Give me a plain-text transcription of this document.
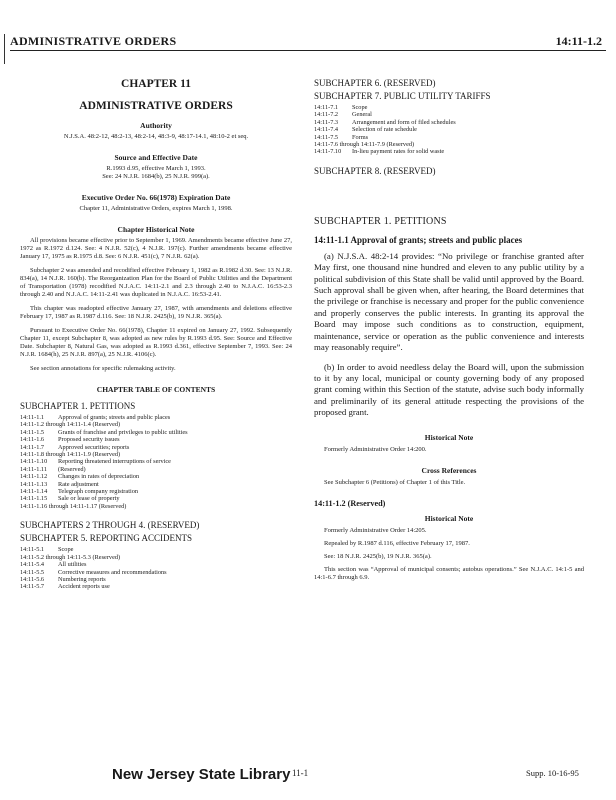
ADMINISTRATIVE ORDERS	14:11-1.2
CHAPTER 11
ADMINISTRATIVE ORDERS
Authority
N.J.S.A. 48:2-12, 48:2-13, 48:2-14, 48:3-9, 48:17-14.1, 48:10-2 et seq.
Source and Effective Date
R.1993 d.95, effective March 1, 1993.
See: 24 N.J.R. 1684(b), 25 N.J.R. 999(a).
Executive Order No. 66(1978) Expiration Date
Chapter 11, Administrative Orders, expires March 1, 1998.
Chapter Historical Note
All provisions became effective prior to September 1, 1969. Amendments became effective June 27, 1972 as R.1972 d.124. See: 4 N.J.R. 52(c), 4 N.J.R. 197(c). Further amendments became effective January 17, 1975 as R.1975 d.8. See: 6 N.J.R. 451(c), 7 N.J.R. 62(a).
Subchapter 2 was amended and recodified effective February 1, 1982 as R.1982 d.30. See: 13 N.J.R. 834(a), 14 N.J.R. 160(b). The Reorganization Plan for the Board of Public Utilities and the Department of Transportation (1978) recodified N.J.A.C. 14:11-2.1 and 2.3 through 2.40 to N.J.A.C. 16:53-2.3 through 2.40 and N.J.A.C. 14:11-2.41 was duplicated in N.J.A.C. 16:53-2.41.
This chapter was readopted effective January 27, 1987, with amendments and deletions effective February 17, 1987 as R.1987 d.116. See: 18 N.J.R. 2425(b), 19 N.J.R. 365(a).
Pursuant to Executive Order No. 66(1978), Chapter 11 expired on January 27, 1992. Subsequently Chapter 11, except Subchapter 8, was adopted as new rules by R.1993 d.95. See: Source and Effective Date. Subchapter 8, Natural Gas, was adopted as R.1993 d.361, effective September 7, 1993. See: 24 N.J.R. 1684(h), 25 N.J.R. 897(a), 25 N.J.R. 4106(c).
See section annotations for specific rulemaking activity.
CHAPTER TABLE OF CONTENTS
SUBCHAPTER 1. PETITIONS
14:11-1.1	Approval of grants; streets and public places
14:11-1.2 through 14:11-1.4
(Reserved)
14:11-1.5	Grants of franchise and privileges to public utilities
14:11-1.6	Proposed security issues
14:11-1.7	Approved securities; reports
14:11-1.8 through 14:11-1.9
(Reserved)
14:11-1.10	Reporting threatened interruptions of service
14:11-1.11	(Reserved)
14:11-1.12	Changes in rates of depreciation
14:11-1.13	Rate adjustment
14:11-1.14	Telegraph company registration
14:11-1.15	Sale or lease of property
14:11-1.16 through 14:11-1.17
(Reserved)
SUBCHAPTERS 2 THROUGH 4. (RESERVED)
SUBCHAPTER 5. REPORTING ACCIDENTS
14:11-5.1	Scope
14:11-5.2 through 14:11-5.3
(Reserved)
14:11-5.4	All utilities
14:11-5.5	Corrective measures and recommendations
14:11-5.6	Numbering reports
14:11-5.7	Accident reports use
SUBCHAPTER 6. (RESERVED)
SUBCHAPTER 7. PUBLIC UTILITY TARIFFS
14:11-7.1	Scope
14:11-7.2	General
14:11-7.3	Arrangement and form of filed schedules
14:11-7.4	Selection of rate schedule
14:11-7.5	Forms
14:11-7.6 through 14:11-7.9
(Reserved)
14:11-7.10	In-lieu payment rates for solid waste
SUBCHAPTER 8. (RESERVED)
SUBCHAPTER 1. PETITIONS
14:11-1.1 Approval of grants; streets and public places
(a) N.J.S.A. 48:2-14 provides: “No privilege or franchise granted after May first, one thousand nine hundred and eleven to any public utility by a political subdivision of this State shall be valid until approved by the Board. Such approval shall be given when, after hearing, the Board determines that the privilege or franchise is necessary and proper for the public convenience and properly conserves the public interests. In granting its approval the Board may impose such conditions as to construction, equipment, maintenance, service or operation as the public convenience and interests may reasonably require”.
(b) In order to avoid needless delay the Board will, upon the submission to it by any local, municipal or county governing body of any proposed grant coming within this Section of the statute, advise such body informally and preliminarily of its general attitude respecting the provisions of the proposed grant.
Historical Note
Formerly Administrative Order 14:200.
Cross References
See Subchapter 6 (Petitions) of Chapter 1 of this Title.
14:11-1.2 (Reserved)
Historical Note
Formerly Administrative Order 14:205.
Repealed by R.1987 d.116, effective February 17, 1987.
See: 18 N.J.R. 2425(b), 19 N.J.R. 365(a).
This section was “Approval of municipal consents; autobus operations.” See N.J.A.C. 14:1-5 and 14:1-6.7 through 6.9.
New Jersey State Library 11-1	Supp. 10-16-95
